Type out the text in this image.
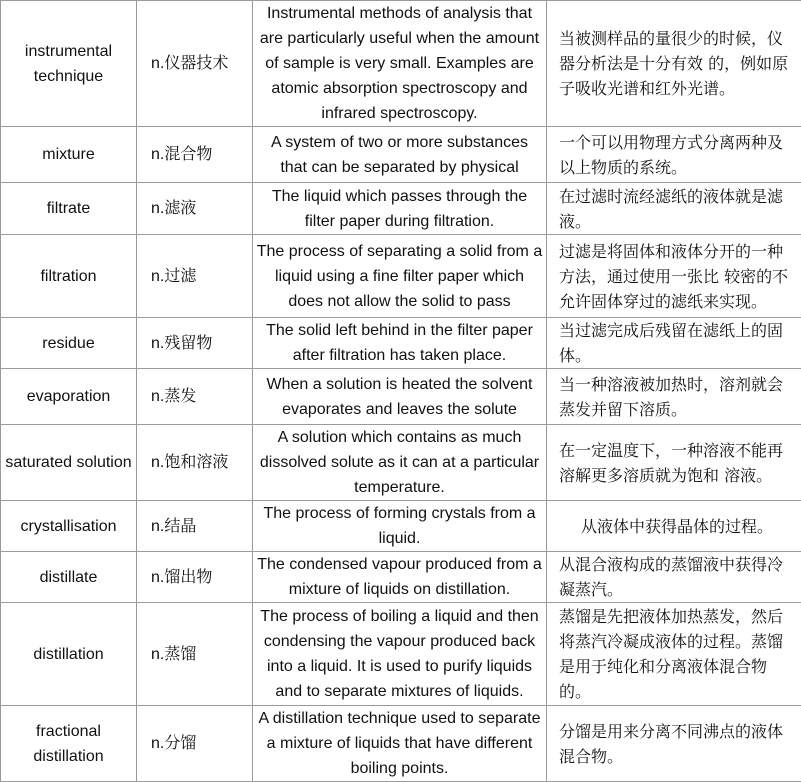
instrumental technique	n.仪器技术	Instrumental methods of analysis that are particularly useful when the amount of sample is very small. Examples are atomic absorption spectroscopy and infrared spectroscopy.	当被测样品的量很少的时候，仪器分析法是十分有效 的，例如原子吸收光谱和红外光谱。
mixture	n.混合物	A system of two or more substances that can be separated by physical	一个可以用物理方式分离两种及以上物质的系统。
filtrate	n.滤液	The liquid which passes through the filter paper during filtration.	在过滤时流经滤纸的液体就是滤液。
filtration	n.过滤	The process of separating a solid from a liquid using a fine filter paper which does not allow the solid to pass	过滤是将固体和液体分开的一种方法，通过使用一张比 较密的不允许固体穿过的滤纸来实现。
residue	n.残留物	The solid left behind in the filter paper after filtration has taken place.	当过滤完成后残留在滤纸上的固体。
evaporation	n.蒸发	When a solution is heated the solvent evaporates and leaves the solute	当一种溶液被加热时，溶剂就会蒸发并留下溶质。
saturated solution	n.饱和溶液	A solution which contains as much dissolved solute as it can at a particular temperature.	在一定温度下，一种溶液不能再溶解更多溶质就为饱和 溶液。
crystallisation	n.结晶	The process of forming crystals from a liquid.	从液体中获得晶体的过程。
distillate	n.馏出物	The condensed vapour produced from a mixture of liquids on distillation.	从混合液构成的蒸馏液中获得冷凝蒸汽。
distillation	n.蒸馏	The process of boiling a liquid and then condensing the vapour produced back into a liquid. It is used to purify liquids and to separate mixtures of liquids.	蒸馏是先把液体加热蒸发，然后将蒸汽冷凝成液体的过程。蒸馏是用于纯化和分离液体混合物的。
fractional distillation	n.分馏	A distillation technique used to separate a mixture of liquids that have different boiling points.	分馏是用来分离不同沸点的液体混合物。
